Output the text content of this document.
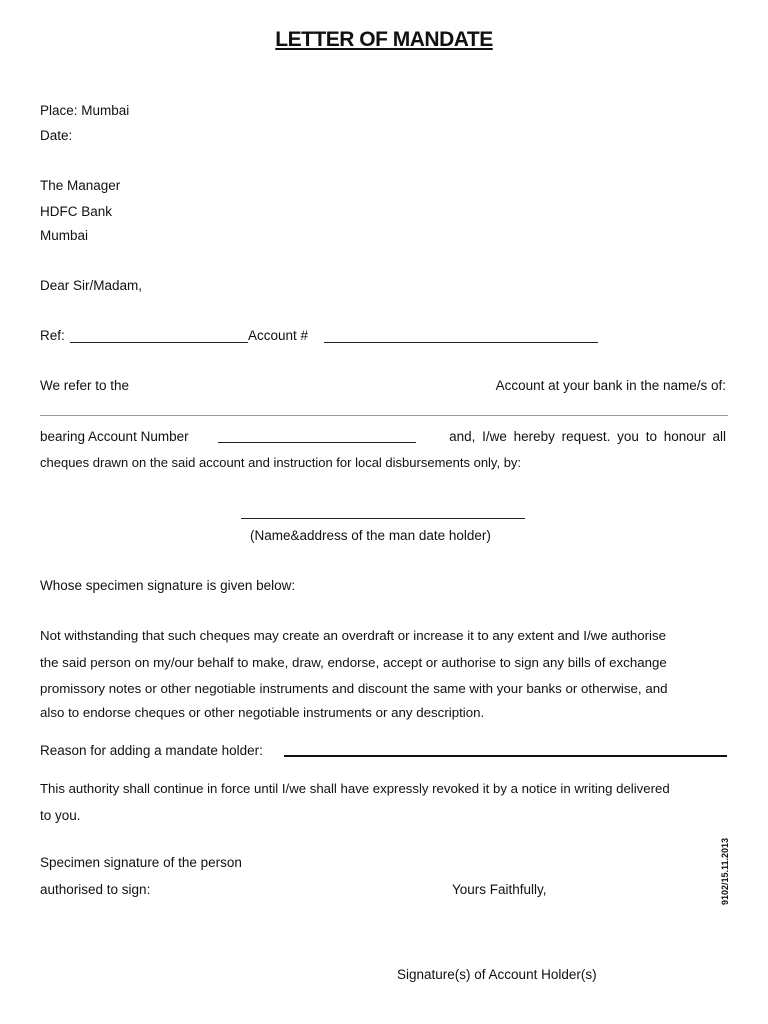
LETTER OF MANDATE
Place: Mumbai
Date:
The Manager
HDFC Bank
Mumbai
Dear Sir/Madam,
Ref:	Account #
We refer to the	Account at your bank in the name/s of:
bearing Account Number	and, I/we hereby request. you to honour all
cheques drawn on the said account and instruction for local disbursements only, by:
(Name&address of the man date holder)
Whose specimen signature is given below:
Not withstanding that such cheques may create an overdraft or increase it to any extent and I/we authorise
the said person on my/our behalf to make, draw, endorse, accept or authorise to sign any bills of exchange
promissory notes or other negotiable instruments and discount the same with your banks or otherwise, and
also to endorse cheques or other negotiable instruments or any description.
Reason for adding a mandate holder:
This authority shall continue in force until I/we shall have expressly revoked it by a notice in writing delivered
to you.
Specimen signature of the person
authorised to sign:	Yours Faithfully,
Signature(s) of Account Holder(s)
9102/15.11.2013
